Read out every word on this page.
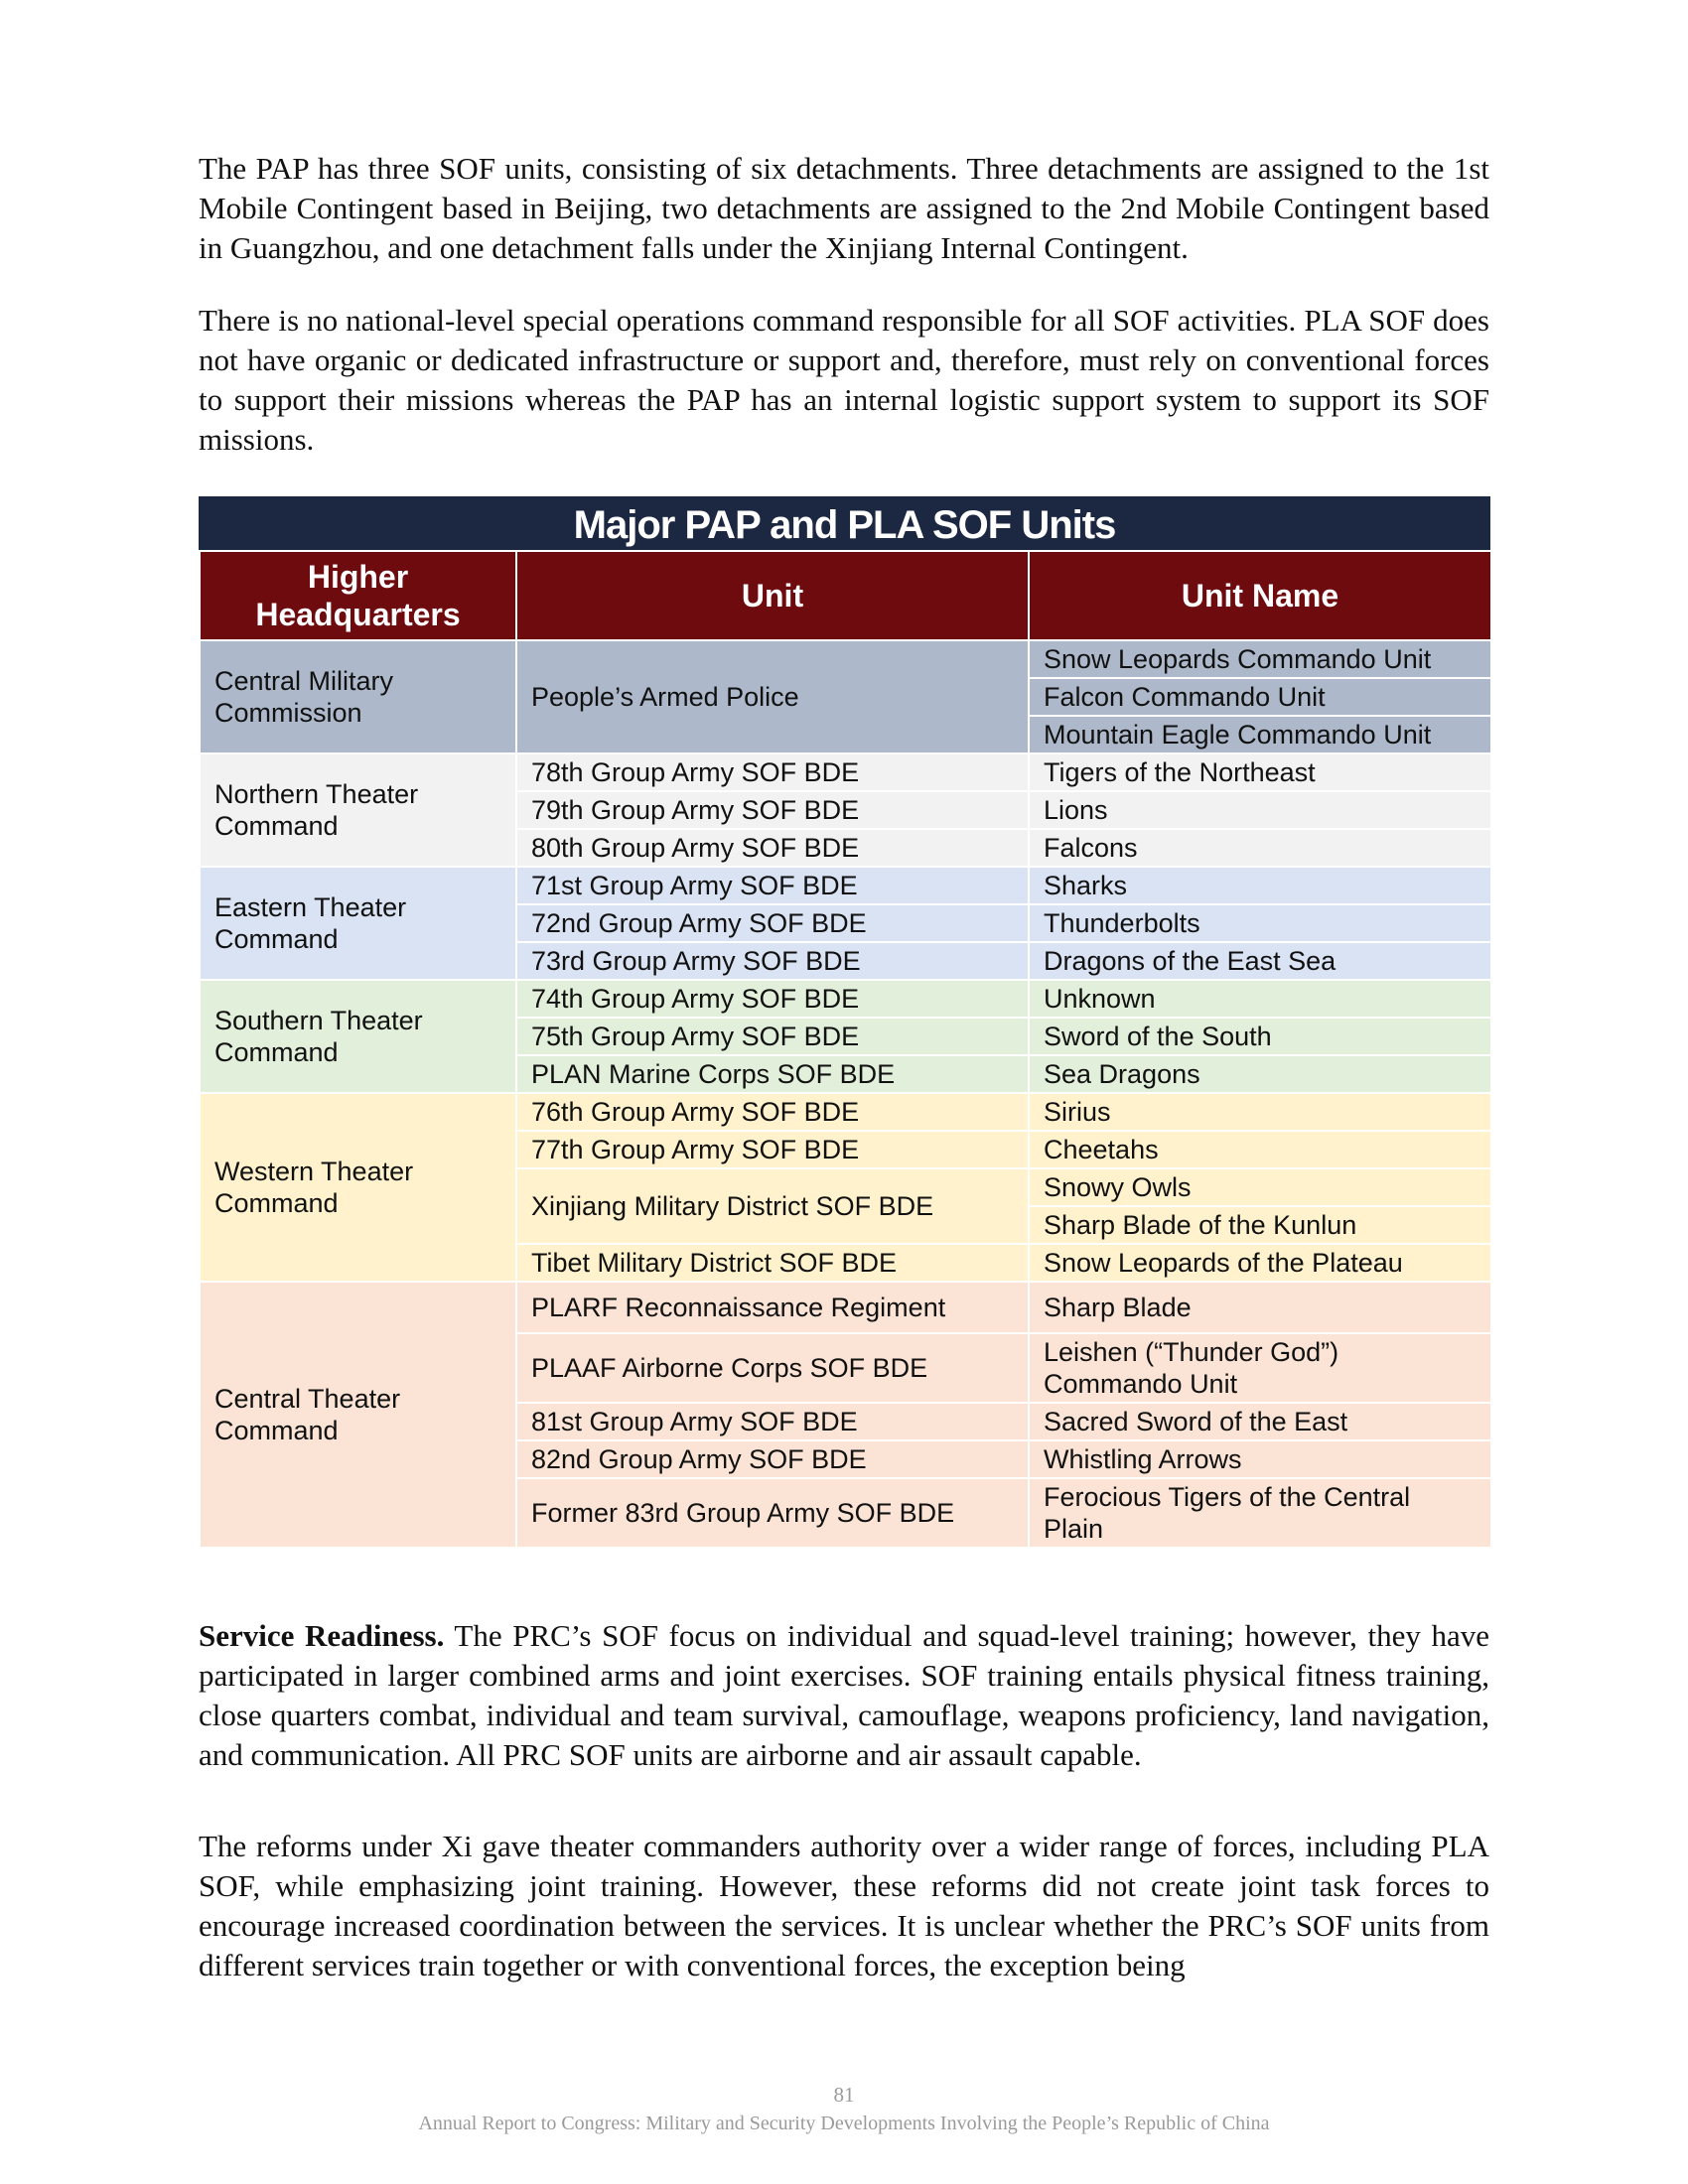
The PAP has three SOF units, consisting of six detachments. Three detachments are assigned to the 1st Mobile Contingent based in Beijing, two detachments are assigned to the 2nd Mobile Contingent based in Guangzhou, and one detachment falls under the Xinjiang Internal Contingent.

There is no national-level special operations command responsible for all SOF activities. PLA SOF does not have organic or dedicated infrastructure or support and, therefore, must rely on conventional forces to support their missions whereas the PAP has an internal logistic support system to support its SOF missions.

Major PAP and PLA SOF Units
Higher Headquarters	Unit	Unit Name
Central Military Commission	People’s Armed Police	Snow Leopards Commando Unit
		Falcon Commando Unit
		Mountain Eagle Commando Unit
Northern Theater Command	78th Group Army SOF BDE	Tigers of the Northeast
	79th Group Army SOF BDE	Lions
	80th Group Army SOF BDE	Falcons
Eastern Theater Command	71st Group Army SOF BDE	Sharks
	72nd Group Army SOF BDE	Thunderbolts
	73rd Group Army SOF BDE	Dragons of the East Sea
Southern Theater Command	74th Group Army SOF BDE	Unknown
	75th Group Army SOF BDE	Sword of the South
	PLAN Marine Corps SOF BDE	Sea Dragons
Western Theater Command	76th Group Army SOF BDE	Sirius
	77th Group Army SOF BDE	Cheetahs
	Xinjiang Military District SOF BDE	Snowy Owls
		Sharp Blade of the Kunlun
	Tibet Military District SOF BDE	Snow Leopards of the Plateau
Central Theater Command	PLARF Reconnaissance Regiment	Sharp Blade
	PLAAF Airborne Corps SOF BDE	Leishen (“Thunder God”) Commando Unit
	81st Group Army SOF BDE	Sacred Sword of the East
	82nd Group Army SOF BDE	Whistling Arrows
	Former 83rd Group Army SOF BDE	Ferocious Tigers of the Central Plain

Service Readiness. The PRC’s SOF focus on individual and squad-level training; however, they have participated in larger combined arms and joint exercises. SOF training entails physical fitness training, close quarters combat, individual and team survival, camouflage, weapons proficiency, land navigation, and communication. All PRC SOF units are airborne and air assault capable.

The reforms under Xi gave theater commanders authority over a wider range of forces, including PLA SOF, while emphasizing joint training. However, these reforms did not create joint task forces to encourage increased coordination between the services. It is unclear whether the PRC’s SOF units from different services train together or with conventional forces, the exception being

81
Annual Report to Congress: Military and Security Developments Involving the People’s Republic of China
